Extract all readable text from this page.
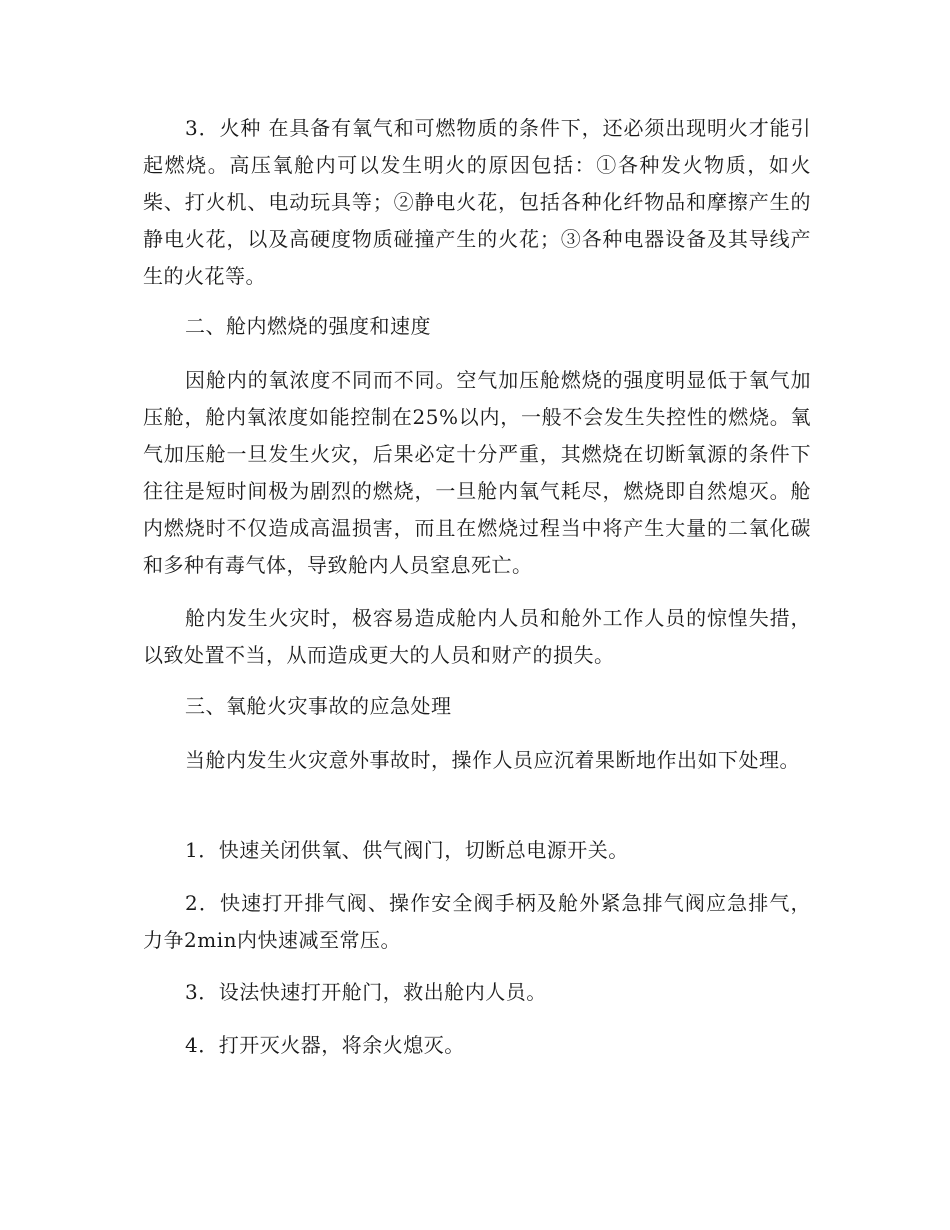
3．火种 在具备有氧气和可燃物质的条件下，还必须出现明火才能引起燃烧。高压氧舱内可以发生明火的原因包括：①各种发火物质，如火柴、打火机、电动玩具等；②静电火花，包括各种化纤物品和摩擦产生的静电火花，以及高硬度物质碰撞产生的火花；③各种电器设备及其导线产生的火花等。

二、舱内燃烧的强度和速度

因舱内的氧浓度不同而不同。空气加压舱燃烧的强度明显低于氧气加压舱，舱内氧浓度如能控制在25%以内，一般不会发生失控性的燃烧。氧气加压舱一旦发生火灾，后果必定十分严重，其燃烧在切断氧源的条件下往往是短时间极为剧烈的燃烧，一旦舱内氧气耗尽，燃烧即自然熄灭。舱内燃烧时不仅造成高温损害，而且在燃烧过程当中将产生大量的二氧化碳和多种有毒气体，导致舱内人员窒息死亡。

舱内发生火灾时，极容易造成舱内人员和舱外工作人员的惊惶失措，以致处置不当，从而造成更大的人员和财产的损失。

三、氧舱火灾事故的应急处理

当舱内发生火灾意外事故时，操作人员应沉着果断地作出如下处理。

1．快速关闭供氧、供气阀门，切断总电源开关。

2．快速打开排气阀、操作安全阀手柄及舱外紧急排气阀应急排气，力争2min内快速减至常压。

3．设法快速打开舱门，救出舱内人员。

4．打开灭火器，将余火熄灭。
